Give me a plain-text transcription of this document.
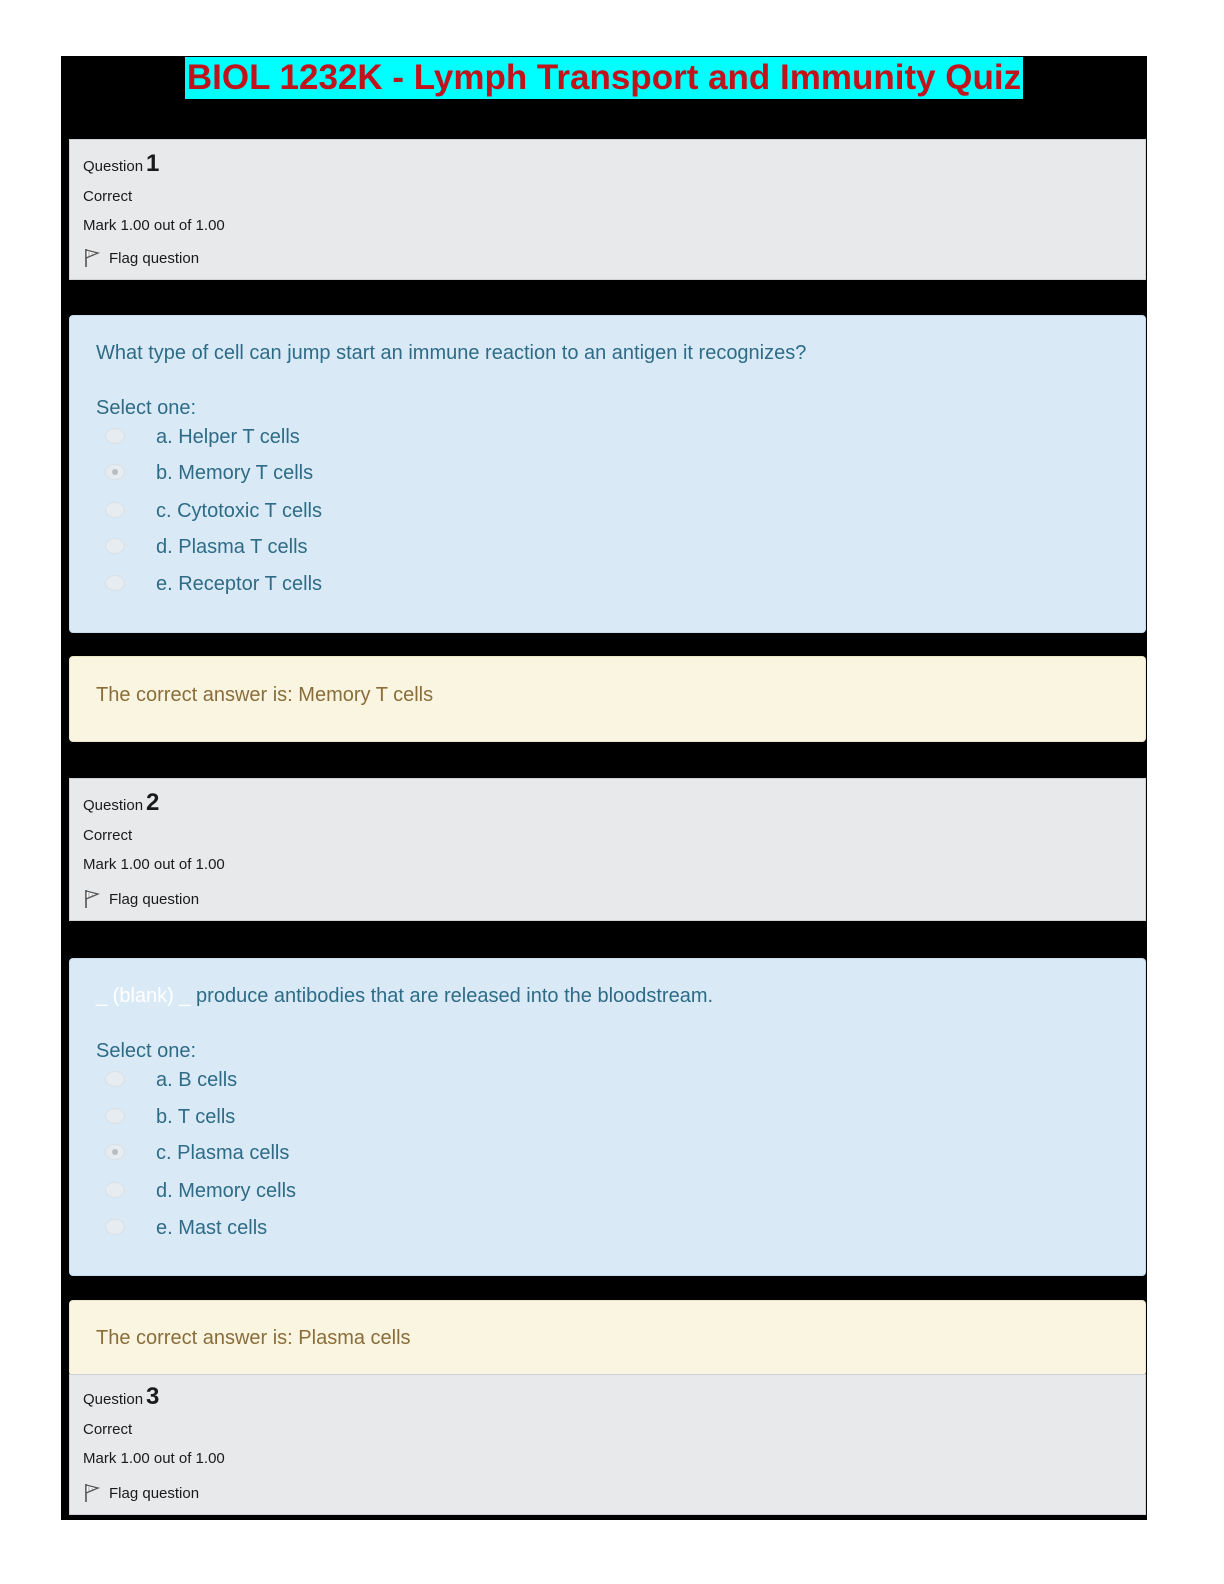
BIOL 1232K - Lymph Transport and Immunity Quiz
Question 1
Correct
Mark 1.00 out of 1.00
Flag question
What type of cell can jump start an immune reaction to an antigen it recognizes?
Select one:
a. Helper T cells
b. Memory T cells
c. Cytotoxic T cells
d. Plasma T cells
e. Receptor T cells
The correct answer is: Memory T cells
Question 2
Correct
Mark 1.00 out of 1.00
Flag question
_ (blank) _ produce antibodies that are released into the bloodstream.
Select one:
a. B cells
b. T cells
c. Plasma cells
d. Memory cells
e. Mast cells
The correct answer is: Plasma cells
Question 3
Correct
Mark 1.00 out of 1.00
Flag question
